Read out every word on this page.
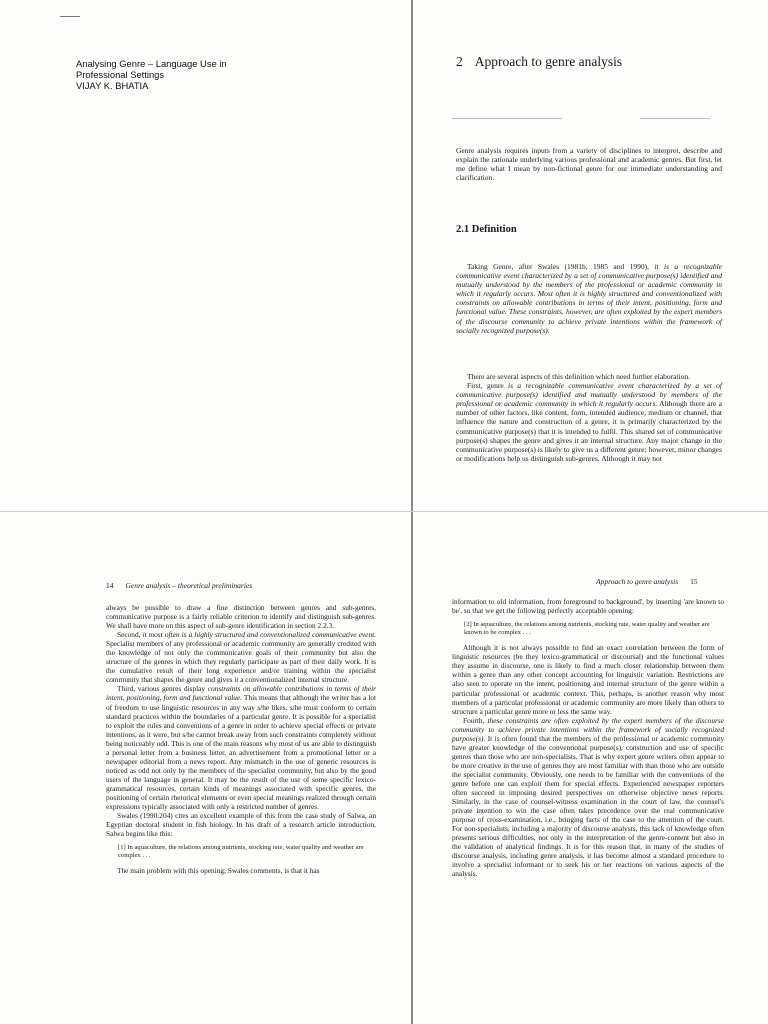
Analysing Genre – Language Use in
Professional Settings
VIJAY K. BHATIA
2 Approach to genre analysis

Genre analysis requires inputs from a variety of disciplines to interpret, describe and explain the rationale underlying various professional and academic genres. But first, let me define what I mean by non-fictional genre for our immediate understanding and clarification.

2.1 Definition

Taking Genre, after Swales (1981b, 1985 and 1990), it is a recognizable communicative event characterized by a set of communicative purpose(s) identified and mutually understood by the members of the professional or academic community in which it regularly occurs. Most often it is highly structured and conventionalized with constraints on allowable contributions in terms of their intent, positioning, form and functional value. These constraints, however, are often exploited by the expert members of the discourse community to achieve private intentions within the framework of socially recognized purpose(s).

There are several aspects of this definition which need further elaboration.

First, genre is a recognizable communicative event characterized by a set of communicative purpose(s) identified and mutually understood by members of the professional or academic community in which it regularly occurs. Although there are a number of other factors, like content, form, intended audience, medium or channel, that influence the nature and construction of a genre, it is primarily characterized by the communicative purpose(s) that it is intended to fulfil. This shared set of communicative purpose(s) shapes the genre and gives it an internal structure. Any major change in the communicative purpose(s) is likely to give us a different genre; however, minor changes or modifications help us distinguish sub-genres. Although it may not

14 Genre analysis – theoretical preliminaries

always be possible to draw a fine distinction between genres and sub-genres, communicative purpose is a fairly reliable criterion to identify and distinguish sub-genres. We shall have more on this aspect of sub-genre identification in section 2.2.3.

Second, it most often is a highly structured and conventionalized communicative event. Specialist members of any professional or academic community are generally credited with the knowledge of not only the communicative goals of their community but also the structure of the genres in which they regularly participate as part of their daily work. It is the cumulative result of their long experience and/or training within the specialist community that shapes the genre and gives it a conventionalized internal structure.

Third, various genres display constraints on allowable contributions in terms of their intent, positioning, form and functional value. This means that although the writer has a lot of freedom to use linguistic resources in any way s/he likes, s/he must conform to certain standard practices within the boundaries of a particular genre. It is possible for a specialist to exploit the rules and conventions of a genre in order to achieve special effects or private intentions, as it were, but s/he cannot break away from such constraints completely without being noticeably odd. This is one of the main reasons why most of us are able to distinguish a personal letter from a business letter, an advertisement from a promotional letter or a newspaper editorial from a news report. Any mismatch in the use of generic resources is noticed as odd not only by the members of the specialist community, but also by the good users of the language in general. It may be the result of the use of some specific lexico-grammatical resources, certain kinds of meanings associated with specific genres, the positioning of certain rhetorical elements or even special meanings realized through certain expressions typically associated with only a restricted number of genres.

Swales (1990:204) cites an excellent example of this from the case study of Salwa, an Egyptian doctoral student in fish biology. In his draft of a research article introduction, Salwa begins like this:

[1] In aquaculture, the relations among nutrients, stocking rate, water quality and weather are complex . . .

The main problem with this opening, Swales comments, is that it has

Approach to genre analysis 15

information to old information, from foreground to background', by inserting 'are known to be', so that we get the following perfectly acceptable opening:

[2] In aquaculture, the relations among nutrients, stocking rate, water quality and weather are known to be complex . . .

Although it is not always possible to find an exact correlation between the form of linguistic resources (be they lexico-grammatical or discoursal) and the functional values they assume in discourse, one is likely to find a much closer relationship between them within a genre than any other concept accounting for linguistic variation. Restrictions are also seen to operate on the intent, positioning and internal structure of the genre within a particular professional or academic context. This, perhaps, is another reason why most members of a particular professional or academic community are more likely than others to structure a particular genre more or less the same way.

Fourth, these constraints are often exploited by the expert members of the discourse community to achieve private intentions within the framework of socially recognized purpose(s). It is often found that the members of the professional or academic community have greater knowledge of the conventional purpose(s), construction and use of specific genres than those who are non-specialists. That is why expert genre writers often appear to be more creative in the use of genres they are most familiar with than those who are outside the specialist community. Obviously, one needs to be familiar with the conventions of the genre before one can exploit them for special effects. Experienced newspaper reporters often succeed in imposing desired perspectives on otherwise objective news reports. Similarly, in the case of counsel-witness examination in the court of law, the counsel's private intention to win the case often takes precedence over the real communicative purpose of cross-examination, i.e., bringing facts of the case to the attention of the court. For non-specialists, including a majority of discourse analysts, this lack of knowledge often presents serious difficulties, not only in the interpretation of the genre-content but also in the validation of analytical findings. It is for this reason that, in many of the studies of discourse analysis, including genre analysis, it has become almost a standard procedure to involve a specialist informant or to seek his or her reactions on various aspects of the analysis.
